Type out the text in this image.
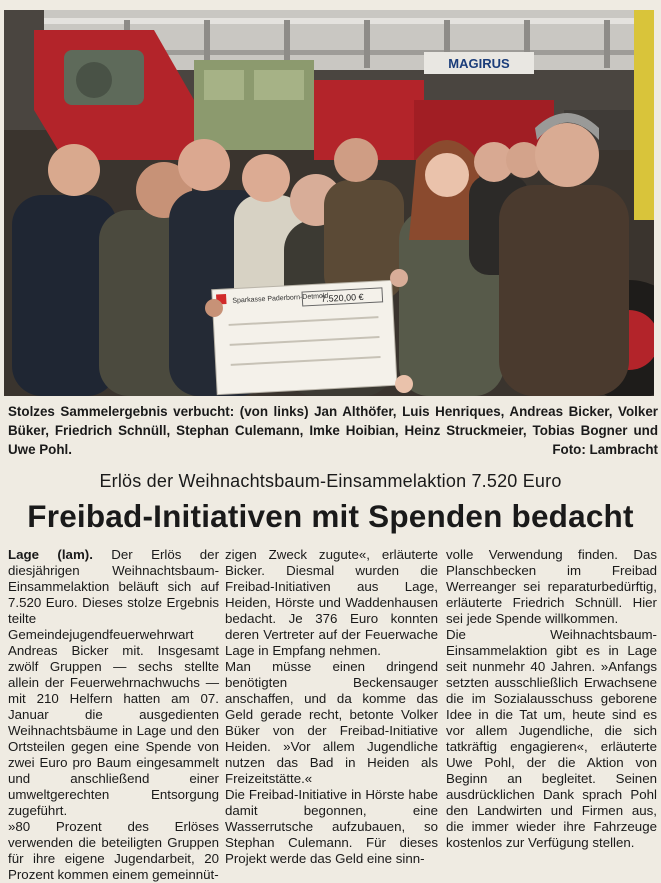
MAGIRUS
Sparkasse Paderborn-Detmold
7.520,00 €
Stolzes Sammelergebnis verbucht: (von links) Jan Althöfer, Luis Henriques, Andreas Bicker, Volker Büker, Friedrich Schnüll, Stephan Culemann, Imke Hoibian, Heinz Struckmeier, Tobias Bogner und Uwe Pohl.	Foto: Lambracht
Erlös der Weihnachtsbaum-Einsammelaktion 7.520 Euro
Freibad-Initiativen mit Spenden bedacht

Lage (lam). Der Erlös der diesjährigen Weihnachtsbaum-Einsammelaktion beläuft sich auf 7.520 Euro. Dieses stolze Ergebnis teilte Gemeindejugendfeuerwehrwart Andreas Bicker mit. Insgesamt zwölf Gruppen — sechs stellte allein der Feuerwehrnachwuchs — mit 210 Helfern hatten am 07. Januar die ausgedienten Weihnachtsbäume in Lage und den Ortsteilen gegen eine Spende von zwei Euro pro Baum eingesammelt und anschließend einer umweltgerechten Entsorgung zugeführt.

»80 Prozent des Erlöses verwenden die beteiligten Gruppen für ihre eigene Jugendarbeit, 20 Prozent kommen einem gemeinnüt-

zigen Zweck zugute«, erläuterte Bicker. Diesmal wurden die Freibad-Initiativen aus Lage, Heiden, Hörste und Waddenhausen bedacht. Je 376 Euro konnten deren Vertreter auf der Feuerwache Lage in Empfang nehmen.

Man müsse einen dringend benötigten Beckensauger anschaffen, und da komme das Geld gerade recht, betonte Volker Büker von der Freibad-Initiative Heiden. »Vor allem Jugendliche nutzen das Bad in Heiden als Freizeitstätte.«

Die Freibad-Initiative in Hörste habe damit begonnen, eine Wasserrutsche aufzubauen, so Stephan Culemann. Für dieses Projekt werde das Geld eine sinn-

volle Verwendung finden. Das Planschbecken im Freibad Werreanger sei reparaturbedürftig, erläuterte Friedrich Schnüll. Hier sei jede Spende willkommen.

Die Weihnachtsbaum-Einsammelaktion gibt es in Lage seit nunmehr 40 Jahren. »Anfangs setzten ausschließlich Erwachsene die im Sozialausschuss geborene Idee in die Tat um, heute sind es vor allem Jugendliche, die sich tatkräftig engagieren«, erläuterte Uwe Pohl, der die Aktion von Beginn an begleitet. Seinen ausdrücklichen Dank sprach Pohl den Landwirten und Firmen aus, die immer wieder ihre Fahrzeuge kostenlos zur Verfügung stellen.
